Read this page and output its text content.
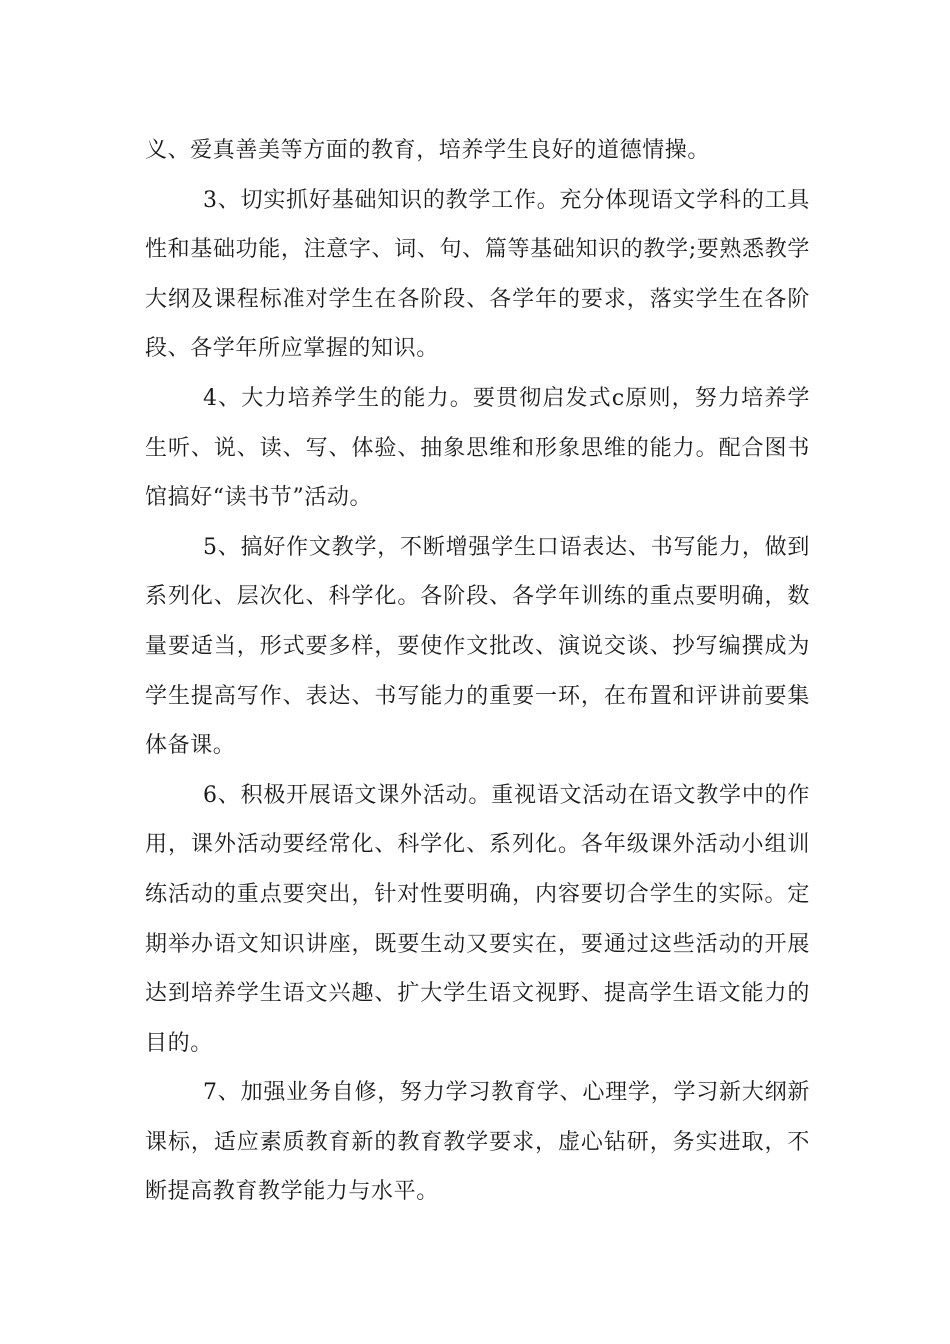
义、爱真善美等方面的教育，培养学生良好的道德情操。

3、切实抓好基础知识的教学工作。充分体现语文学科的工具性和基础功能，注意字、词、句、篇等基础知识的教学;要熟悉教学大纲及课程标准对学生在各阶段、各学年的要求，落实学生在各阶段、各学年所应掌握的知识。

4、大力培养学生的能力。要贯彻启发式c原则，努力培养学生听、说、读、写、体验、抽象思维和形象思维的能力。配合图书馆搞好“读书节”活动。

5、搞好作文教学，不断增强学生口语表达、书写能力，做到系列化、层次化、科学化。各阶段、各学年训练的重点要明确，数量要适当，形式要多样，要使作文批改、演说交谈、抄写编撰成为学生提高写作、表达、书写能力的重要一环，在布置和评讲前要集体备课。

6、积极开展语文课外活动。重视语文活动在语文教学中的作用，课外活动要经常化、科学化、系列化。各年级课外活动小组训练活动的重点要突出，针对性要明确，内容要切合学生的实际。定期举办语文知识讲座，既要生动又要实在，要通过这些活动的开展达到培养学生语文兴趣、扩大学生语文视野、提高学生语文能力的目的。

7、加强业务自修，努力学习教育学、心理学，学习新大纲新课标，适应素质教育新的教育教学要求，虚心钻研，务实进取，不断提高教育教学能力与水平。
